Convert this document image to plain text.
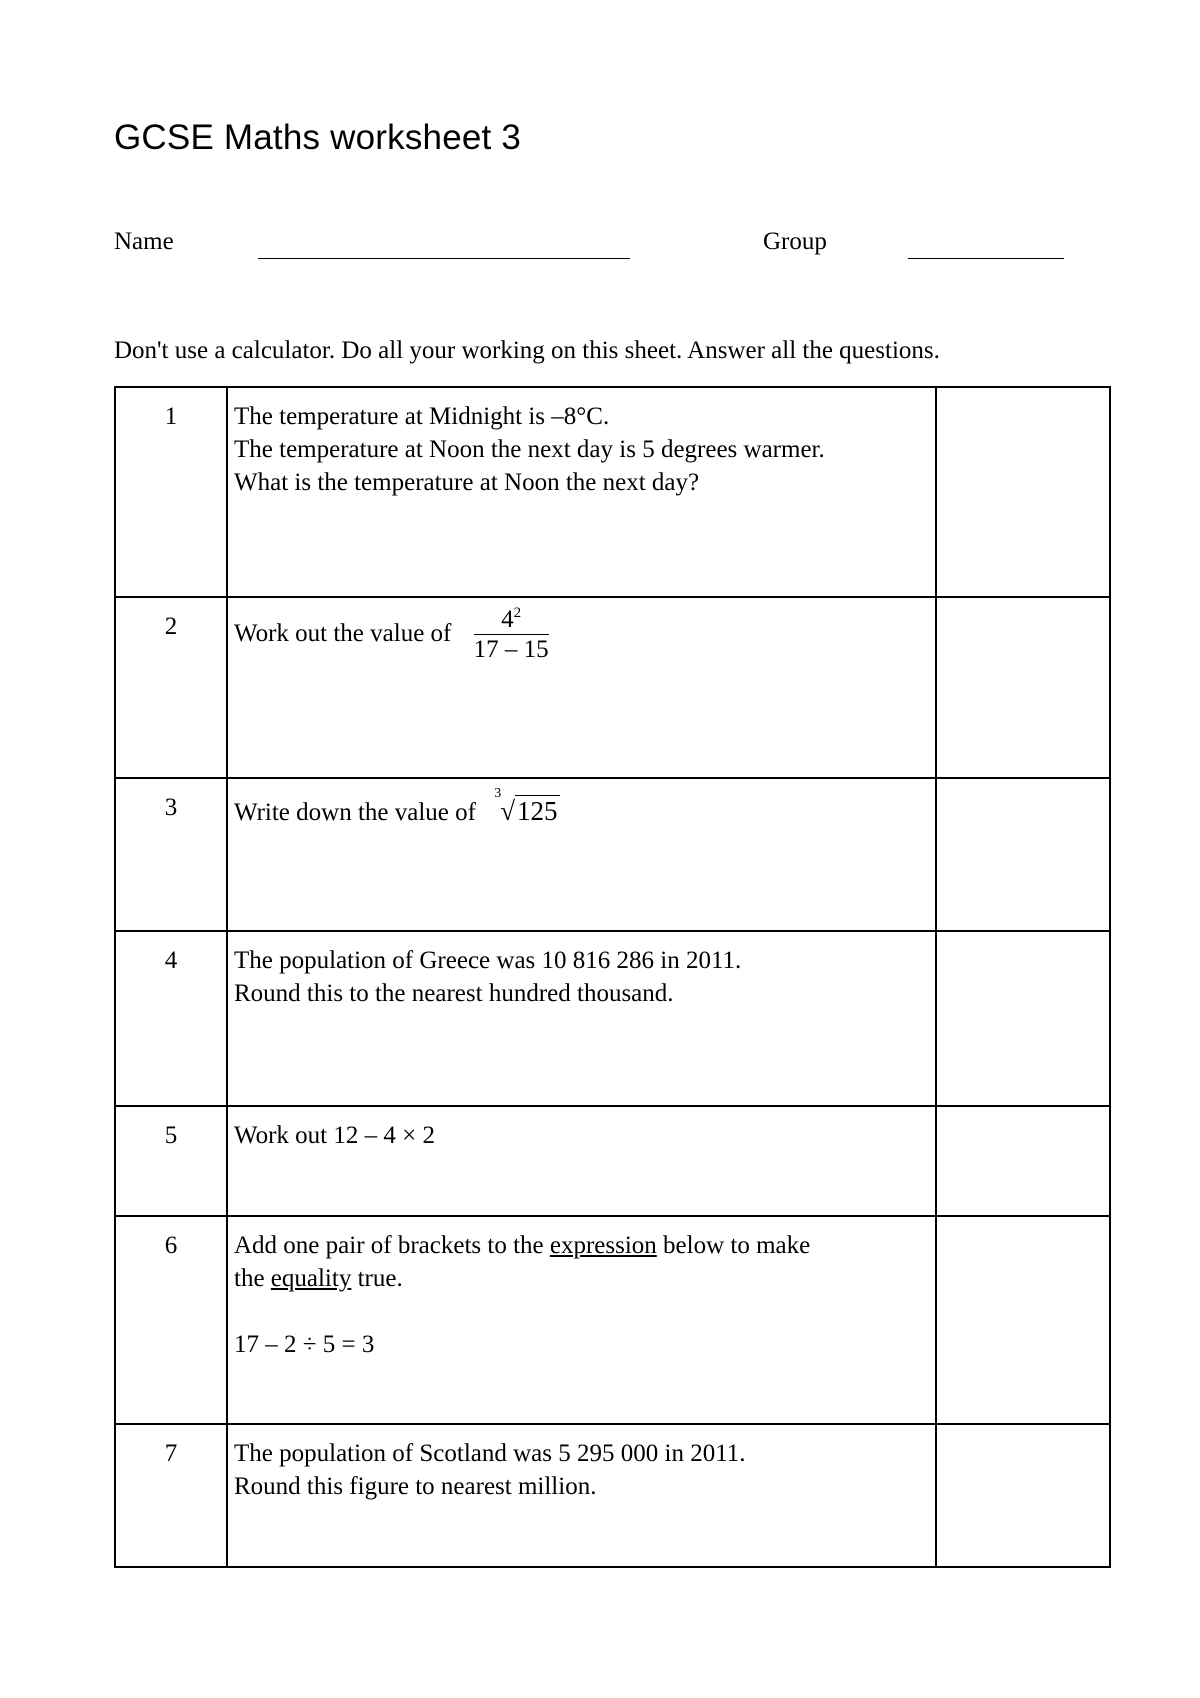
GCSE Maths worksheet 3
Name	Group
Don't use a calculator. Do all your working on this sheet. Answer all the questions.
1	The temperature at Midnight is –8°C.
The temperature at Noon the next day is 5 degrees warmer.
What is the temperature at Noon the next day?	

2	Work out the value of $\frac{4^2}{17 - 15}$

3	Write down the value of
3
√125	
4	The population of Greece was 10 816 286 in 2011.
Round this to the nearest hundred thousand.	

5	Work out 12 – 4 × 2	

6	Add one pair of brackets to the expression below to make
the equality true.
17 – 2 ÷ 5 = 3	

7	The population of Scotland was 5 295 000 in 2011.
Round this figure to nearest million.	
